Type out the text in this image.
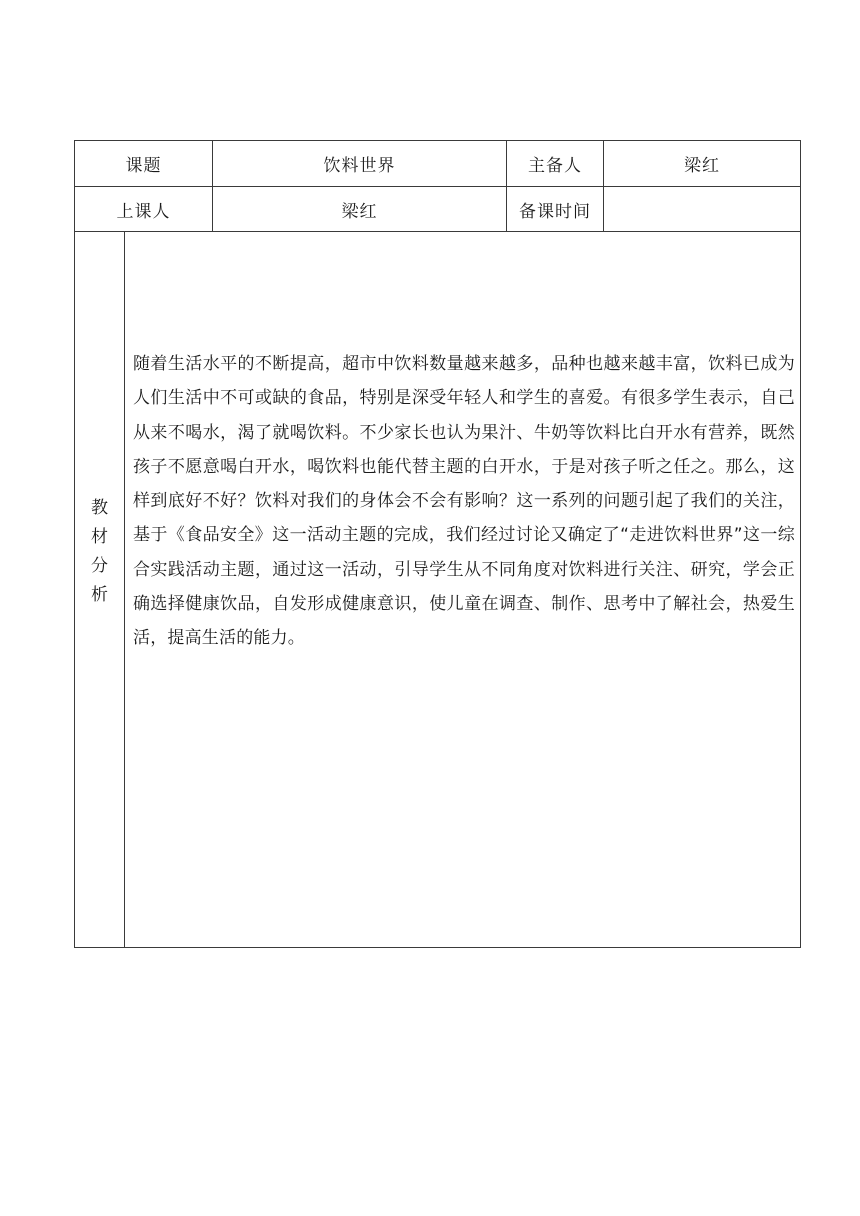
课题	饮料世界	主备人	梁红
上课人	梁红	备课时间
教
材
分
析

随着生活水平的不断提高，超市中饮料数量越来越多，品种也越来越丰富，饮料已成为人们生活中不可或缺的食品，特别是深受年轻人和学生的喜爱。有很多学生表示，自己从来不喝水，渴了就喝饮料。不少家长也认为果汁、牛奶等饮料比白开水有营养，既然孩子不愿意喝白开水，喝饮料也能代替主题的白开水，于是对孩子听之任之。那么，这样到底好不好？饮料对我们的身体会不会有影响？这一系列的问题引起了我们的关注，基于《食品安全》这一活动主题的完成，我们经过讨论又确定了“走进饮料世界”这一综合实践活动主题，通过这一活动，引导学生从不同角度对饮料进行关注、研究，学会正确选择健康饮品，自发形成健康意识，使儿童在调查、制作、思考中了解社会，热爱生活，提高生活的能力。
